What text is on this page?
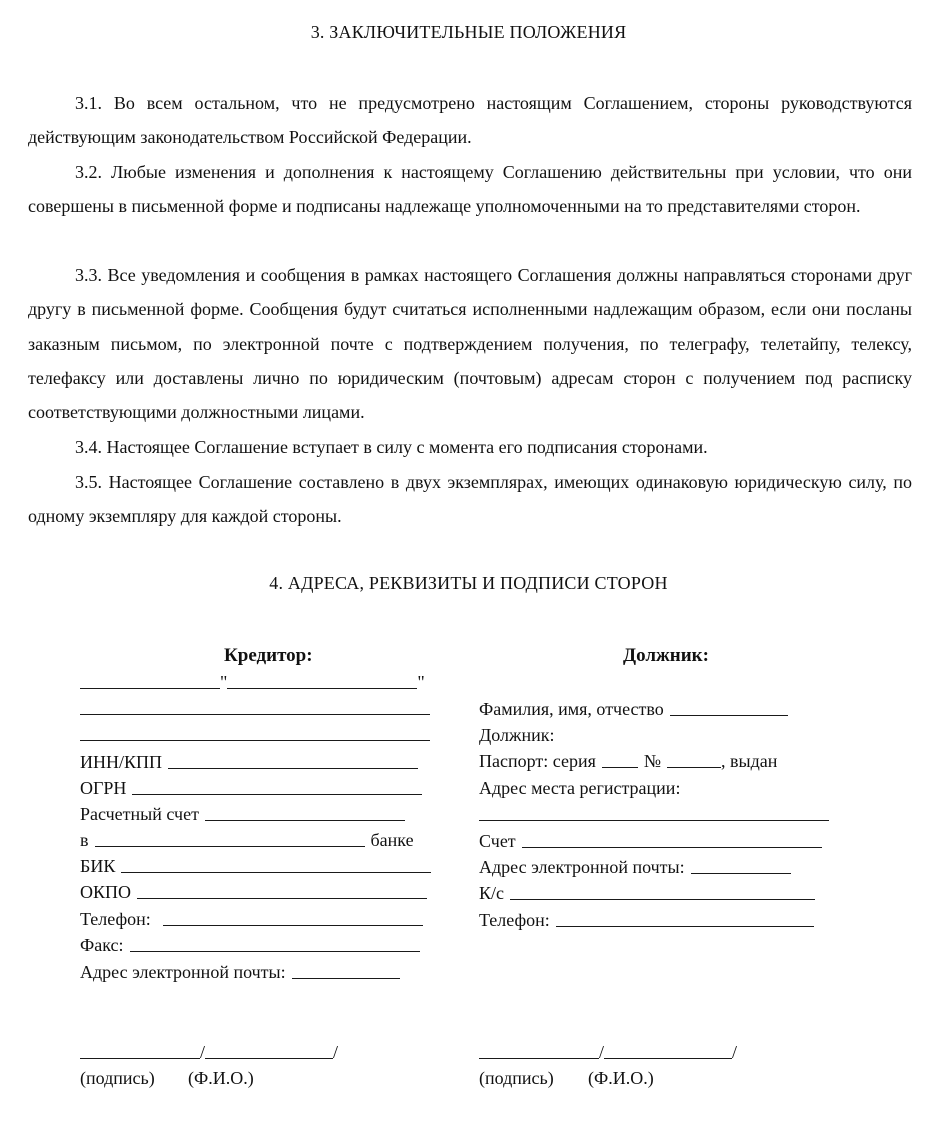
3. ЗАКЛЮЧИТЕЛЬНЫЕ ПОЛОЖЕНИЯ
3.1. Во всем остальном, что не предусмотрено настоящим Соглашением, стороны руководствуются действующим законодательством Российской Федерации.
3.2. Любые изменения и дополнения к настоящему Соглашению действительны при условии, что они совершены в письменной форме и подписаны надлежаще уполномоченными на то представителями сторон.
3.3. Все уведомления и сообщения в рамках настоящего Соглашения должны направляться сторонами друг другу в письменной форме. Сообщения будут считаться исполненными надлежащим образом, если они посланы заказным письмом, по электронной почте с подтверждением получения, по телеграфу, телетайпу, телексу, телефаксу или доставлены лично по юридическим (почтовым) адресам сторон с получением под расписку соответствующими должностными лицами.
3.4. Настоящее Соглашение вступает в силу с момента его подписания сторонами.
3.5. Настоящее Соглашение составлено в двух экземплярах, имеющих одинаковую юридическую силу, по одному экземпляру для каждой стороны.
4. АДРЕСА, РЕКВИЗИТЫ И ПОДПИСИ СТОРОН
Кредитор:
"	"
ИНН/КПП
ОГРН
Расчетный счет
в	банке
БИК
ОКПО
Телефон:
Факс:
Адрес электронной почты:
/	/
(подпись) (Ф.И.О.)
Должник:
Фамилия, имя, отчество
Должник:
Паспорт: серия	№	, выдан
Адрес места регистрации:
Счет
Адрес электронной почты:
К/с
Телефон:
/	/
(подпись) (Ф.И.О.)
